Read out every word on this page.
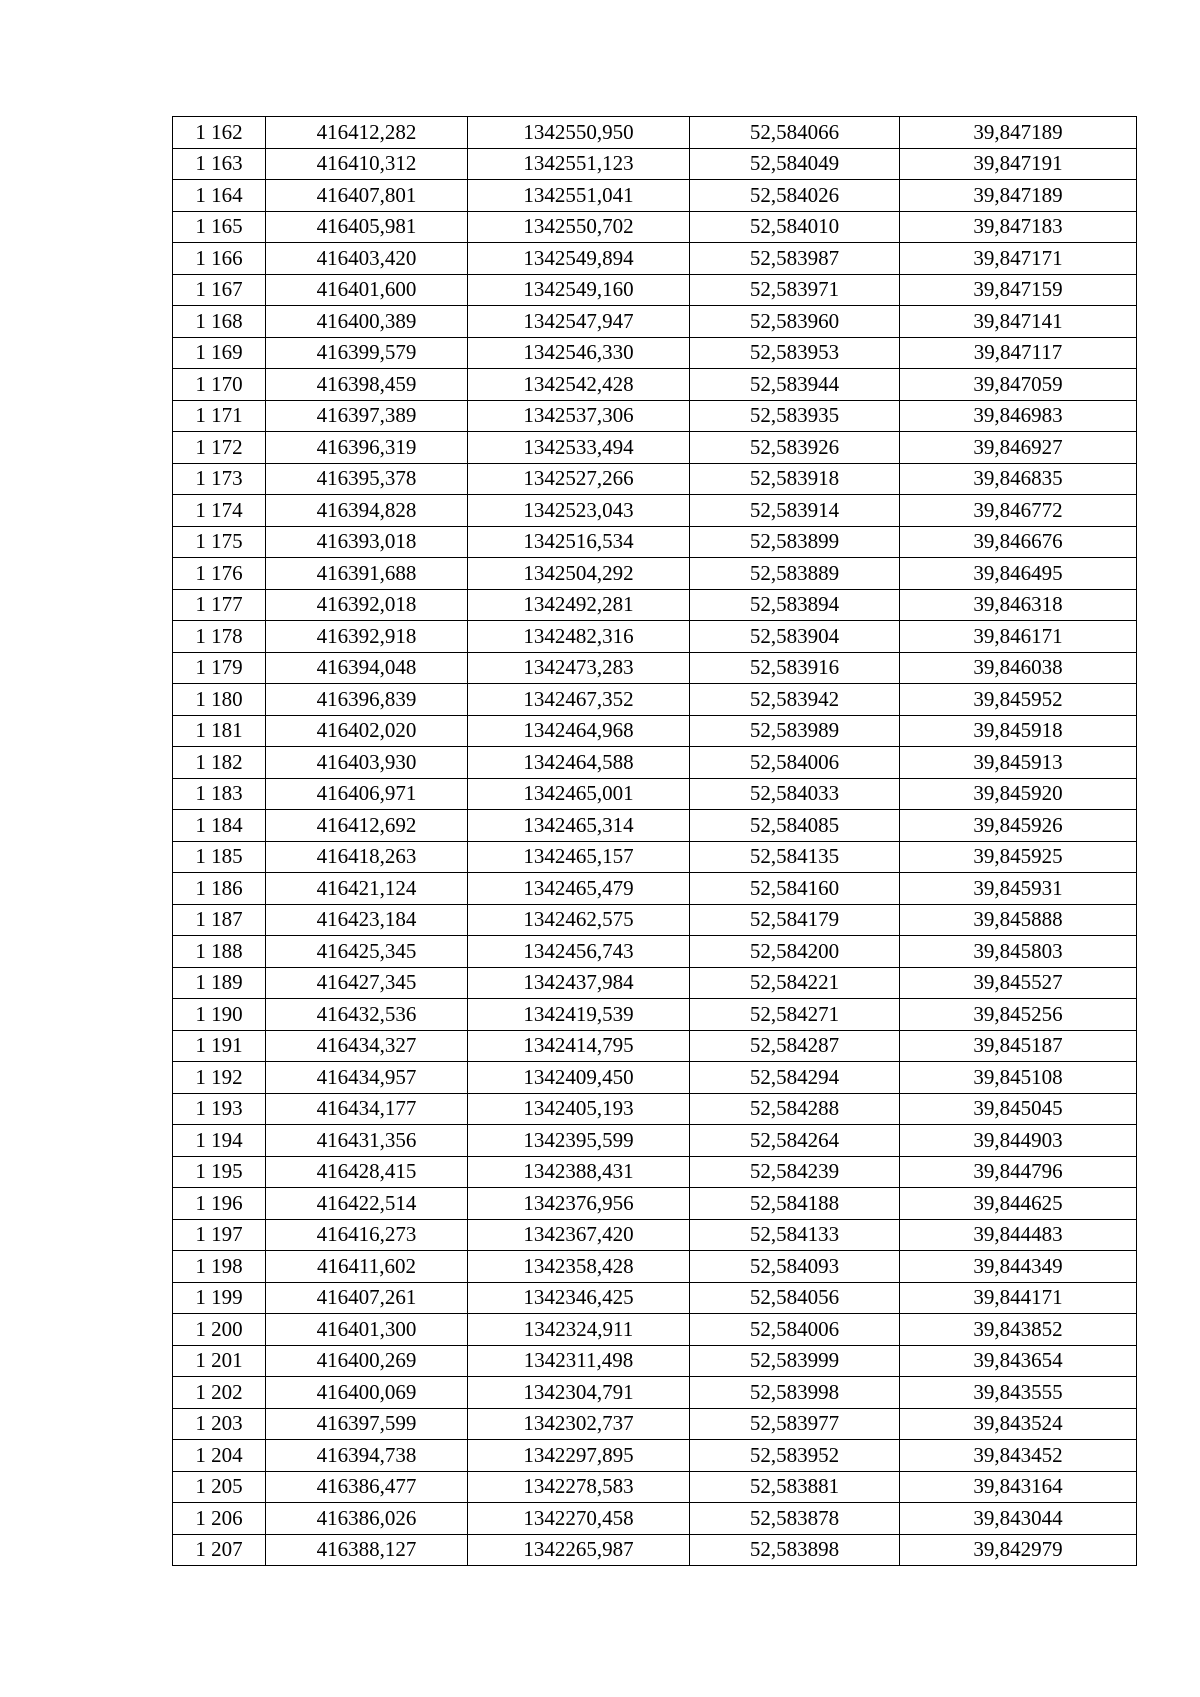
1 162	416412,282	1342550,950	52,584066	39,847189
1 163	416410,312	1342551,123	52,584049	39,847191
1 164	416407,801	1342551,041	52,584026	39,847189
1 165	416405,981	1342550,702	52,584010	39,847183
1 166	416403,420	1342549,894	52,583987	39,847171
1 167	416401,600	1342549,160	52,583971	39,847159
1 168	416400,389	1342547,947	52,583960	39,847141
1 169	416399,579	1342546,330	52,583953	39,847117
1 170	416398,459	1342542,428	52,583944	39,847059
1 171	416397,389	1342537,306	52,583935	39,846983
1 172	416396,319	1342533,494	52,583926	39,846927
1 173	416395,378	1342527,266	52,583918	39,846835
1 174	416394,828	1342523,043	52,583914	39,846772
1 175	416393,018	1342516,534	52,583899	39,846676
1 176	416391,688	1342504,292	52,583889	39,846495
1 177	416392,018	1342492,281	52,583894	39,846318
1 178	416392,918	1342482,316	52,583904	39,846171
1 179	416394,048	1342473,283	52,583916	39,846038
1 180	416396,839	1342467,352	52,583942	39,845952
1 181	416402,020	1342464,968	52,583989	39,845918
1 182	416403,930	1342464,588	52,584006	39,845913
1 183	416406,971	1342465,001	52,584033	39,845920
1 184	416412,692	1342465,314	52,584085	39,845926
1 185	416418,263	1342465,157	52,584135	39,845925
1 186	416421,124	1342465,479	52,584160	39,845931
1 187	416423,184	1342462,575	52,584179	39,845888
1 188	416425,345	1342456,743	52,584200	39,845803
1 189	416427,345	1342437,984	52,584221	39,845527
1 190	416432,536	1342419,539	52,584271	39,845256
1 191	416434,327	1342414,795	52,584287	39,845187
1 192	416434,957	1342409,450	52,584294	39,845108
1 193	416434,177	1342405,193	52,584288	39,845045
1 194	416431,356	1342395,599	52,584264	39,844903
1 195	416428,415	1342388,431	52,584239	39,844796
1 196	416422,514	1342376,956	52,584188	39,844625
1 197	416416,273	1342367,420	52,584133	39,844483
1 198	416411,602	1342358,428	52,584093	39,844349
1 199	416407,261	1342346,425	52,584056	39,844171
1 200	416401,300	1342324,911	52,584006	39,843852
1 201	416400,269	1342311,498	52,583999	39,843654
1 202	416400,069	1342304,791	52,583998	39,843555
1 203	416397,599	1342302,737	52,583977	39,843524
1 204	416394,738	1342297,895	52,583952	39,843452
1 205	416386,477	1342278,583	52,583881	39,843164
1 206	416386,026	1342270,458	52,583878	39,843044
1 207	416388,127	1342265,987	52,583898	39,842979
